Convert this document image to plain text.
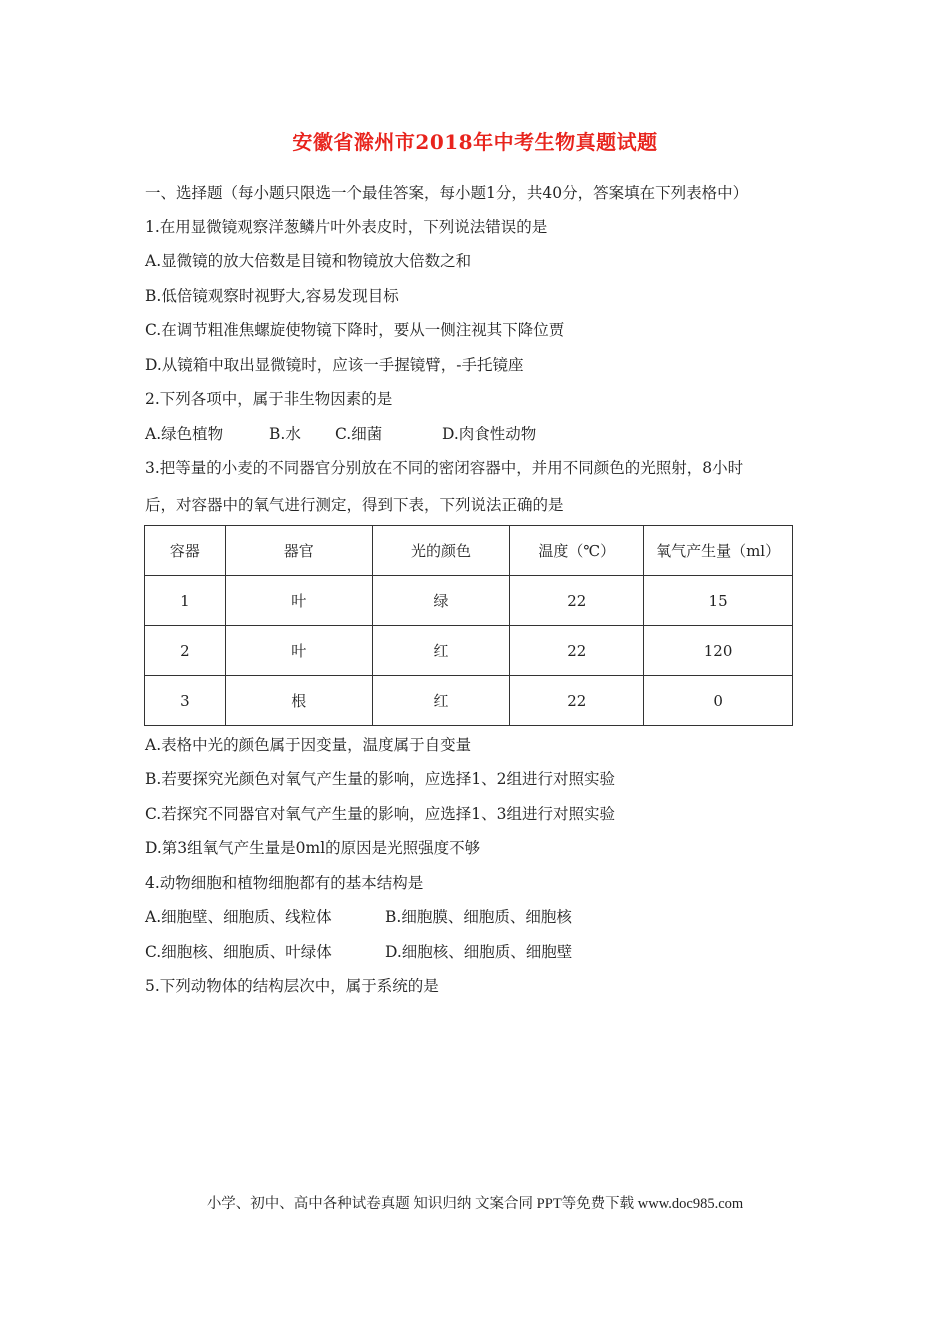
安徽省滁州市2018年中考生物真题试题
一、选择题（每小题只限选一个最佳答案，每小题1分，共40分，答案填在下列表格中）
1.在用显微镜观察洋葱鳞片叶外表皮时，下列说法错误的是
A.显微镜的放大倍数是目镜和物镜放大倍数之和
B.低倍镜观察时视野大,容易发现目标
C.在调节粗准焦螺旋使物镜下降时，要从一侧注视其下降位贾
D.从镜箱中取出显微镜时，应该一手握镜臂，-手托镜座
2.下列各项中，属于非生物因素的是
A.绿色植物	B.水 C.细菌	D.肉食性动物
3.把等量的小麦的不同器官分别放在不同的密闭容器中，并用不同颜色的光照射，8小时
后，对容器中的氧气进行测定，得到下表，下列说法正确的是
容器	器官	光的颜色	温度（℃）	氧气产生量（ml）
1	叶	绿	22	15
2	叶	红	22	120
3	根	红	22	0
A.表格中光的颜色属于因变量，温度属于自变量
B.若要探究光颜色对氧气产生量的影响，应选择1、2组进行对照实验
C.若探究不同器官对氧气产生量的影响，应选择1、3组进行对照实验
D.第3组氧气产生量是0ml的原因是光照强度不够
4.动物细胞和植物细胞都有的基本结构是
A.细胞壁、细胞质、线粒体	B.细胞膜、细胞质、细胞核
C.细胞核、细胞质、叶绿体	D.细胞核、细胞质、细胞壁
5.下列动物体的结构层次中，属于系统的是
小学、初中、高中各种试卷真题 知识归纳 文案合同 PPT等免费下载 www.doc985.com
